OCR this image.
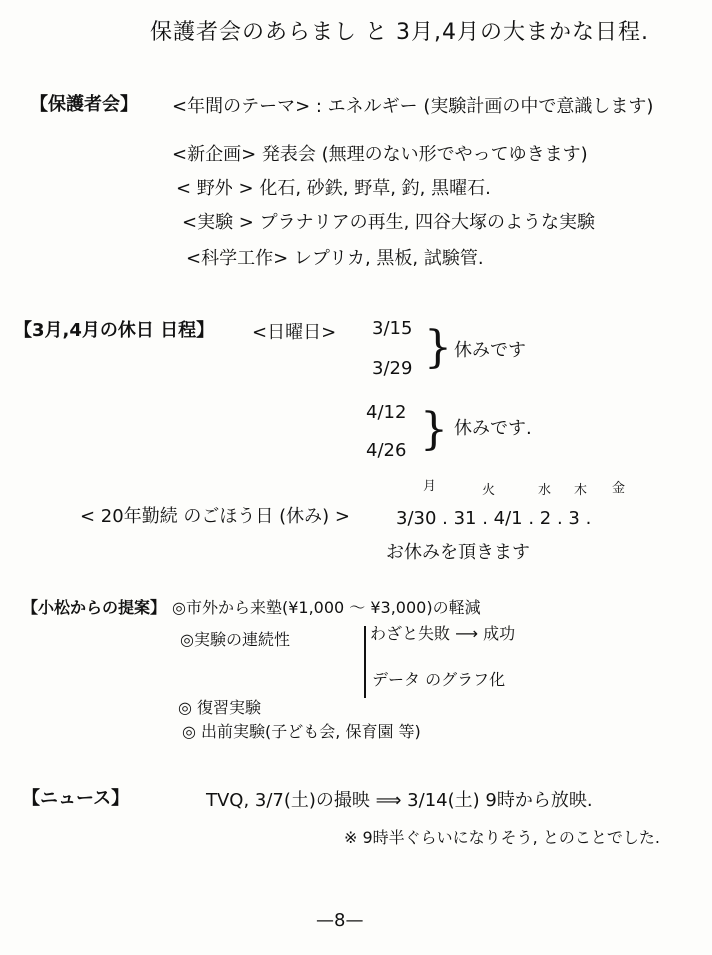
保護者会のあらまし と 3月,4月の大まかな日程.
【保護者会】 <年間のテーマ> : エネルギー (実験計画の中で意識します)
<新企画> 発表会 (無理のない形でやってゆきます)
< 野外 > 化石, 砂鉄, 野草, 釣, 黒曜石.
<実験 > プラナリアの再生, 四谷大塚のような実験
<科学工作> レプリカ, 黒板, 試験管.
【3月,4月の休日 日程】 <日曜日> 3/15
3/29 } 休みです
4/12
4/26 } 休みです.
月	火	水 木 金
< 20年勤続 のごほう日 (休み) >	3/30 . 31 . 4/1 . 2 . 3 .
お休みを頂きます
【小松からの提案】 ◎市外から来塾(¥1,000 〜 ¥3,000)の軽減
◎実験の連続性	わざと失敗 ⟶ 成功
データ のグラフ化
◎ 復習実験
◎ 出前実験(子ども会, 保育園 等)
【ニュース】	TVQ, 3/7(土)の撮映 ⟹ 3/14(土) 9時から放映.
※ 9時半ぐらいになりそう, とのことでした.
—8—
